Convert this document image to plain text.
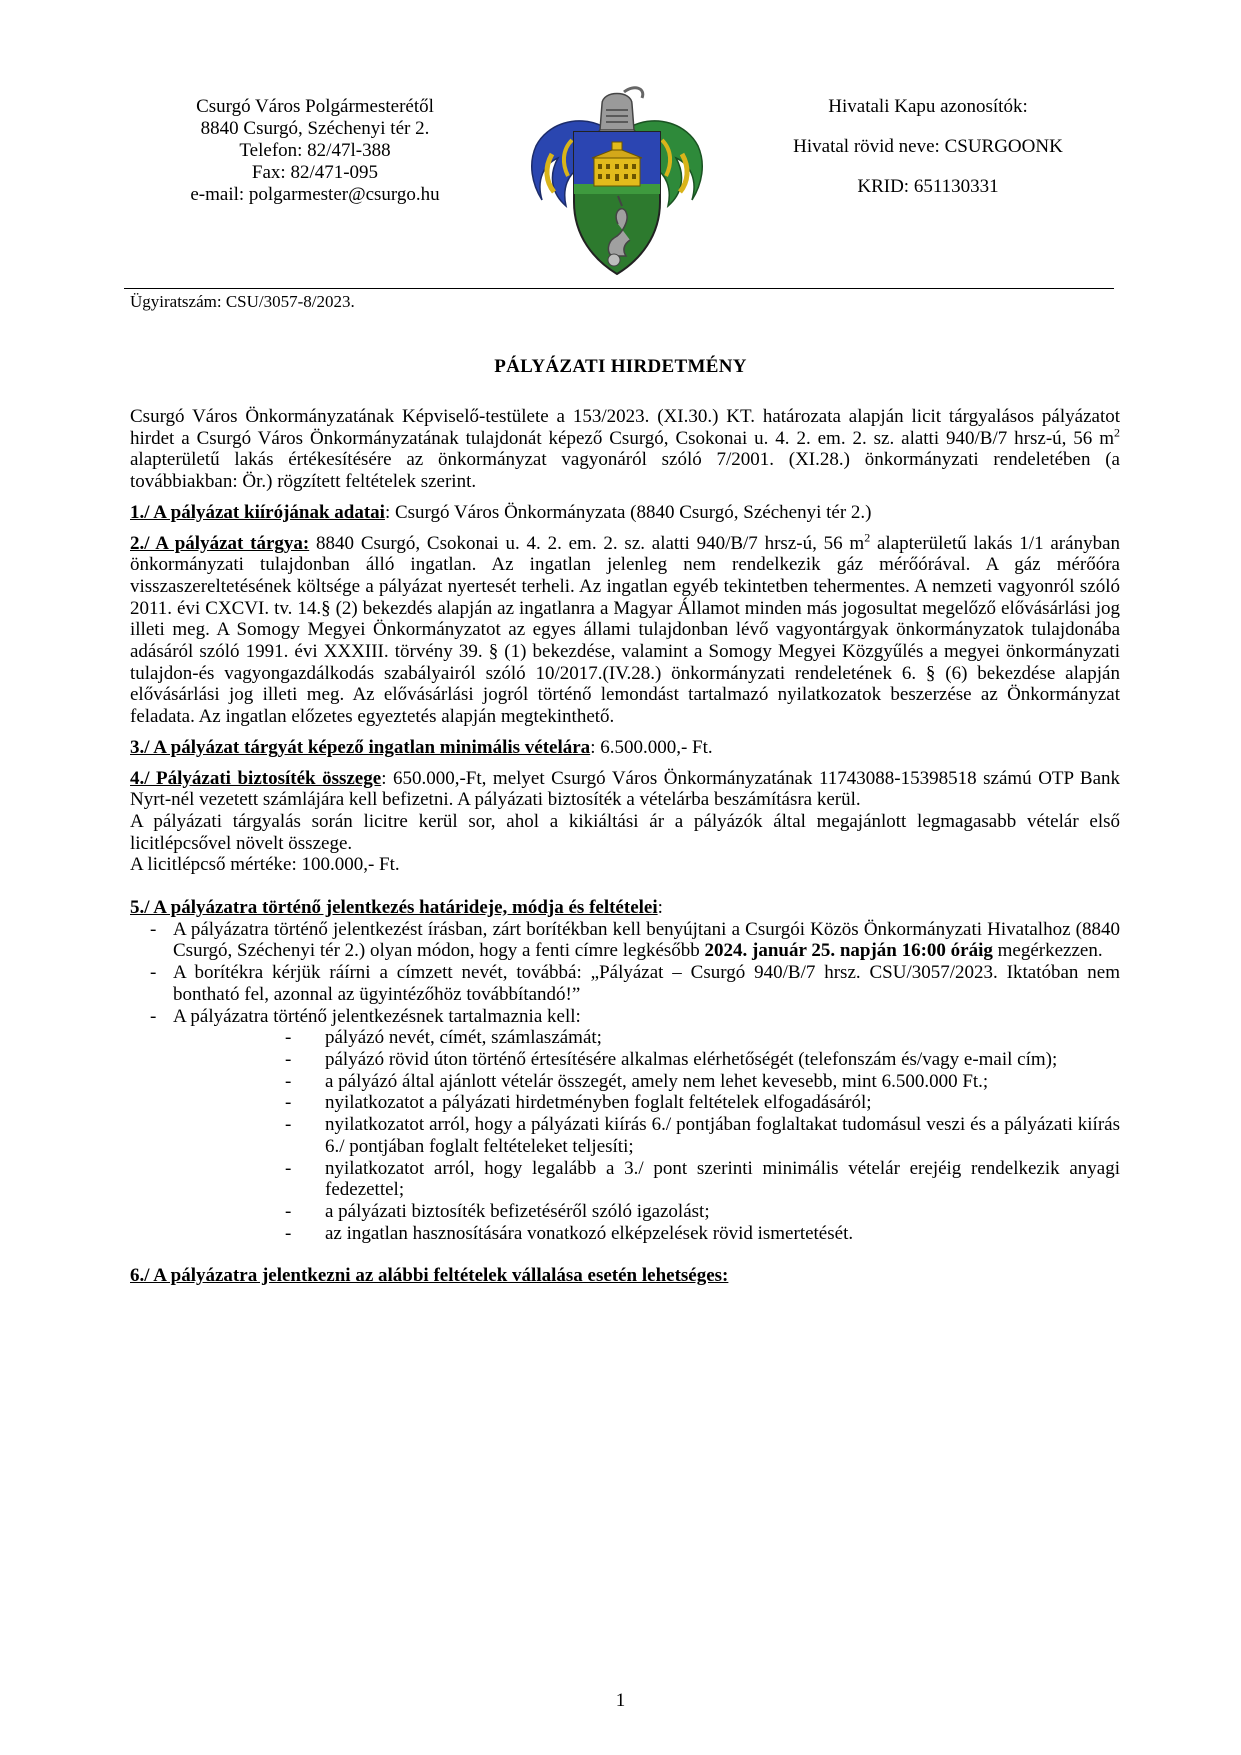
Csurgó Város Polgármesterétől
8840 Csurgó, Széchenyi tér 2.
Telefon: 82/47l-388
Fax: 82/471-095
e-mail: polgarmester@csurgo.hu
Hivatali Kapu azonosítók:
Hivatal rövid neve: CSURGOONK
KRID: 651130331
Ügyiratszám: CSU/3057-8/2023.
PÁLYÁZATI HIRDETMÉNY

Csurgó Város Önkormányzatának Képviselő-testülete a 153/2023. (XI.30.) KT. határozata alapján licit tárgyalásos pályázatot hirdet a Csurgó Város Önkormányzatának tulajdonát képező Csurgó, Csokonai u. 4. 2. em. 2. sz. alatti 940/B/7 hrsz-ú, 56 $m^2$ alapterületű lakás értékesítésére az önkormányzat vagyonáról szóló 7/2001. (XI.28.) önkormányzati rendeletében (a továbbiakban: Ör.) rögzített feltételek szerint.

1./ A pályázat kiírójának adatai: Csurgó Város Önkormányzata (8840 Csurgó, Széchenyi tér 2.)

2./ A pályázat tárgya: 8840 Csurgó, Csokonai u. 4. 2. em. 2. sz. alatti 940/B/7 hrsz-ú, 56 $m^2$ alapterületű lakás 1/1 arányban önkormányzati tulajdonban álló ingatlan. Az ingatlan jelenleg nem rendelkezik gáz mérőórával. A gáz mérőóra visszaszereltetésének költsége a pályázat nyertesét terheli. Az ingatlan egyéb tekintetben tehermentes. A nemzeti vagyonról szóló 2011. évi CXCVI. tv. 14.§ (2) bekezdés alapján az ingatlanra a Magyar Államot minden más jogosultat megelőző elővásárlási jog illeti meg. A Somogy Megyei Önkormányzatot az egyes állami tulajdonban lévő vagyontárgyak önkormányzatok tulajdonába adásáról szóló 1991. évi XXXIII. törvény 39. § (1) bekezdése, valamint a Somogy Megyei Közgyűlés a megyei önkormányzati tulajdon-és vagyongazdálkodás szabályairól szóló 10/2017.(IV.28.) önkormányzati rendeletének 6. § (6) bekezdése alapján elővásárlási jog illeti meg. Az elővásárlási jogról történő lemondást tartalmazó nyilatkozatok beszerzése az Önkormányzat feladata. Az ingatlan előzetes egyeztetés alapján megtekinthető.

3./ A pályázat tárgyát képező ingatlan minimális vételára: 6.500.000,- Ft.

4./ Pályázati biztosíték összege: 650.000,-Ft, melyet Csurgó Város Önkormányzatának 11743088-15398518 számú OTP Bank Nyrt-nél vezetett számlájára kell befizetni. A pályázati biztosíték a vételárba beszámításra kerül.

A pályázati tárgyalás során licitre kerül sor, ahol a kikiáltási ár a pályázók által megajánlott legmagasabb vételár első licitlépcsővel növelt összege.

A licitlépcső mértéke: 100.000,- Ft.

5./ A pályázatra történő jelentkezés határideje, módja és feltételei:

- A pályázatra történő jelentkezést írásban, zárt borítékban kell benyújtani a Csurgói Közös Önkormányzati Hivatalhoz (8840 Csurgó, Széchenyi tér 2.) olyan módon, hogy a fenti címre legkésőbb 2024. január 25. napján 16:00 óráig megérkezzen.
- A borítékra kérjük ráírni a címzett nevét, továbbá: „Pályázat – Csurgó 940/B/7 hrsz. CSU/3057/2023. Iktatóban nem bontható fel, azonnal az ügyintézőhöz továbbítandó!”
- A pályázatra történő jelentkezésnek tartalmaznia kell:
- pályázó nevét, címét, számlaszámát;
- pályázó rövid úton történő értesítésére alkalmas elérhetőségét (telefonszám és/vagy e-mail cím);
- a pályázó által ajánlott vételár összegét, amely nem lehet kevesebb, mint 6.500.000 Ft.;
- nyilatkozatot a pályázati hirdetményben foglalt feltételek elfogadásáról;
- nyilatkozatot arról, hogy a pályázati kiírás 6./ pontjában foglaltakat tudomásul veszi és a pályázati kiírás 6./ pontjában foglalt feltételeket teljesíti;
- nyilatkozatot arról, hogy legalább a 3./ pont szerinti minimális vételár erejéig rendelkezik anyagi fedezettel;
- a pályázati biztosíték befizetéséről szóló igazolást;
- az ingatlan hasznosítására vonatkozó elképzelések rövid ismertetését.

6./ A pályázatra jelentkezni az alábbi feltételek vállalása esetén lehetséges:

1
